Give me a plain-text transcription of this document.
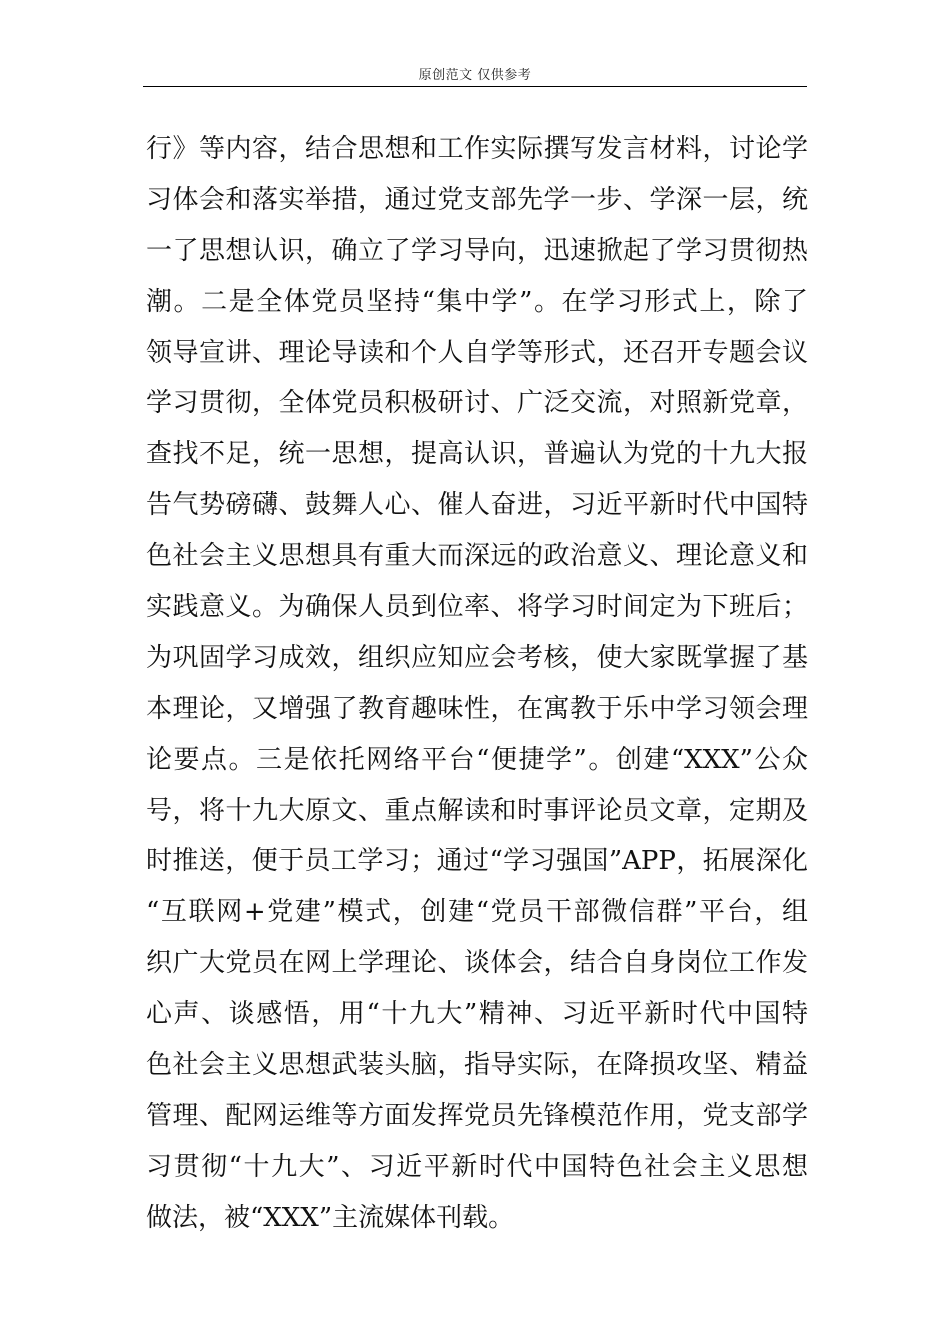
原创范文 仅供参考
行》等内容，结合思想和工作实际撰写发言材料，讨论学
习体会和落实举措，通过党支部先学一步、学深一层，统
一了思想认识，确立了学习导向，迅速掀起了学习贯彻热
潮。二是全体党员坚持“集中学”。在学习形式上，除了
领导宣讲、理论导读和个人自学等形式，还召开专题会议
学习贯彻，全体党员积极研讨、广泛交流，对照新党章，
查找不足，统一思想，提高认识，普遍认为党的十九大报
告气势磅礴、鼓舞人心、催人奋进，习近平新时代中国特
色社会主义思想具有重大而深远的政治意义、理论意义和
实践意义。为确保人员到位率、将学习时间定为下班后；
为巩固学习成效，组织应知应会考核，使大家既掌握了基
本理论，又增强了教育趣味性，在寓教于乐中学习领会理
论要点。三是依托网络平台“便捷学”。创建“XXX”公众
号，将十九大原文、重点解读和时事评论员文章，定期及
时推送，便于员工学习；通过“学习强国”APP，拓展深化
“互联网+党建”模式，创建“党员干部微信群”平台，组
织广大党员在网上学理论、谈体会，结合自身岗位工作发
心声、谈感悟，用“十九大”精神、习近平新时代中国特
色社会主义思想武装头脑，指导实际，在降损攻坚、精益
管理、配网运维等方面发挥党员先锋模范作用，党支部学
习贯彻“十九大”、习近平新时代中国特色社会主义思想
做法，被“XXX”主流媒体刊载。
